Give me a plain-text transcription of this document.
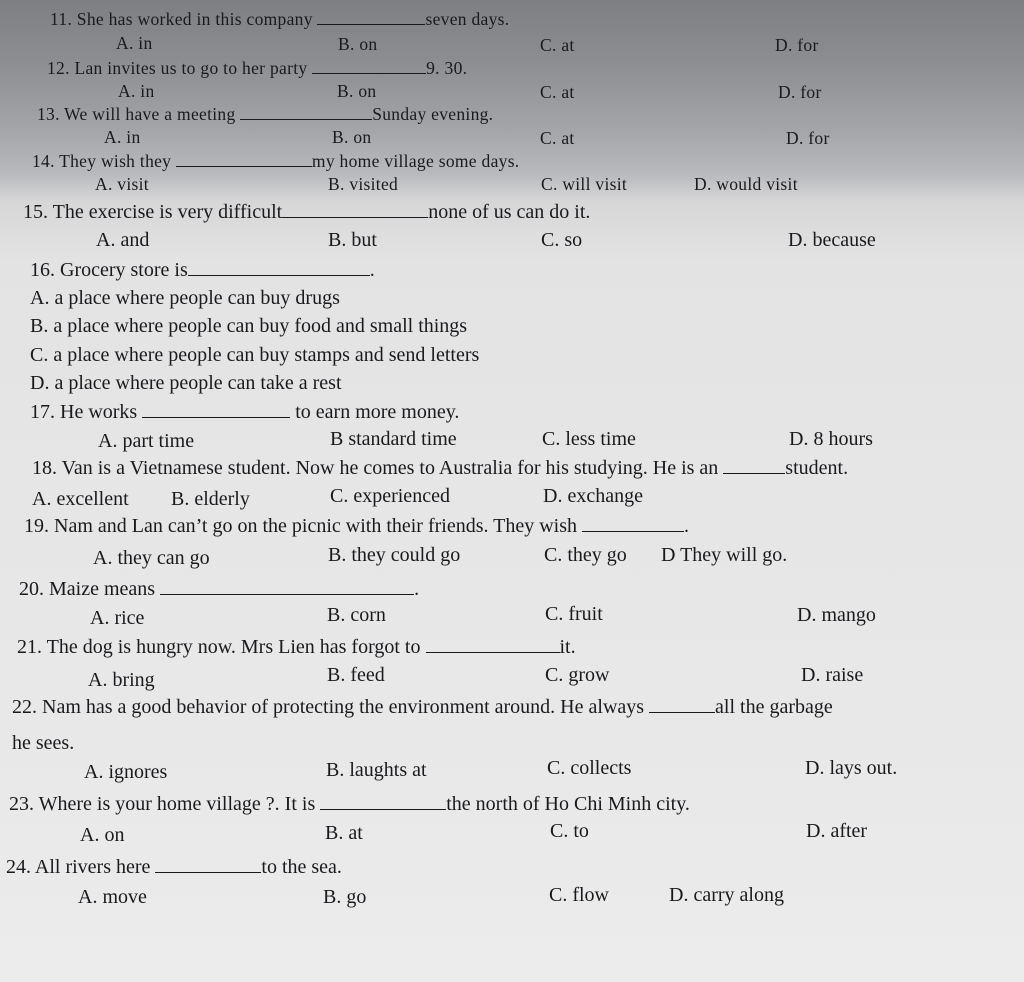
11. She has worked in this company	seven days.
A. in	B. on	C. at	D. for
12. Lan invites us to go to her party	9. 30.
A. in	B. on	C. at	D. for
13. We will have a meeting	Sunday evening.
A. in	B. on	C. at	D. for
14. They wish they	my home village some days.
A. visit	B. visited	C. will visit	D. would visit
15. The exercise is very difficult	none of us can do it.
A. and	B. but	C. so	D. because
16. Grocery store is	.
A. a place where people can buy drugs
B. a place where people can buy food and small things
C. a place where people can buy stamps and send letters
D. a place where people can take a rest
17. He works	to earn more money.
A. part time	B standard time	C. less time	D. 8 hours
18. Van is a Vietnamese student. Now he comes to Australia for his studying. He is an	student.
A. excellent B. elderly	C. experienced	D. exchange
19. Nam and Lan can’t go on the picnic with their friends. They wish	.
A. they can go	B. they could go	C. they go D They will go.
20. Maize means	.
A. rice	B. corn	C. fruit	D. mango
21. The dog is hungry now. Mrs Lien has forgot to	it.
A. bring	B. feed	C. grow	D. raise
22. Nam has a good behavior of protecting the environment around. He always	all the garbage
he sees.
A. ignores	B. laughts at	C. collects	D. lays out.
23. Where is your home village ?. It is	the north of Ho Chi Minh city.
A. on	B. at	C. to	D. after
24. All rivers here	to the sea.
A. move	B. go	C. flow	D. carry along
